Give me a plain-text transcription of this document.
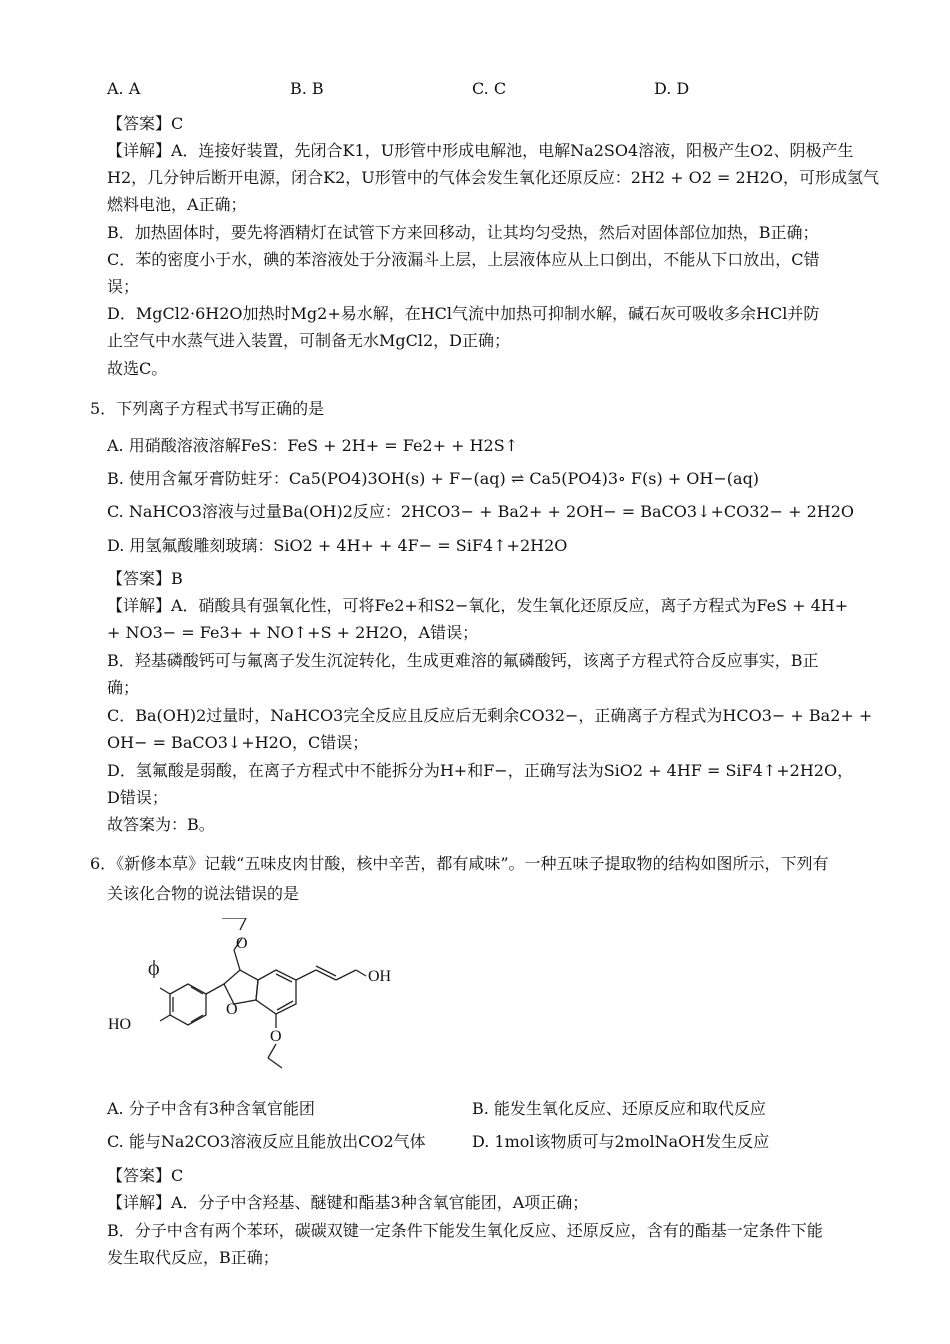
A. A	B. B	C. C	D. D
【答案】C
【详解】A．连接好装置，先闭合K1，U形管中形成电解池，电解Na2SO4溶液，阳极产生O2、阴极产生
H2，几分钟后断开电源，闭合K2，U形管中的气体会发生氧化还原反应：2H2 + O2 = 2H2O，可形成氢气
燃料电池，A正确；
B．加热固体时，要先将酒精灯在试管下方来回移动，让其均匀受热，然后对固体部位加热，B正确；
C．苯的密度小于水，碘的苯溶液处于分液漏斗上层，上层液体应从上口倒出，不能从下口放出，C错
误；
D．MgCl2·6H2O加热时Mg2+易水解，在HCl气流中加热可抑制水解，碱石灰可吸收多余HCl并防
止空气中水蒸气进入装置，可制备无水MgCl2，D正确；
故选C。
5．下列离子方程式书写正确的是
A. 用硝酸溶液溶解FeS：FeS + 2H+ = Fe2+ + H2S↑
B. 使用含氟牙膏防蛀牙：Ca5(PO4)3OH(s) + F−(aq) ⇌ Ca5(PO4)3∘ F(s) + OH−(aq)
C. NaHCO3溶液与过量Ba(OH)2反应：2HCO3− + Ba2+ + 2OH− = BaCO3↓+CO32− + 2H2O
D. 用氢氟酸雕刻玻璃：SiO2 + 4H+ + 4F− = SiF4↑+2H2O
【答案】B
【详解】A．硝酸具有强氧化性，可将Fe2+和S2−氧化，发生氧化还原反应，离子方程式为FeS + 4H+
+ NO3− = Fe3+ + NO↑+S + 2H2O，A错误；
B．羟基磷酸钙可与氟离子发生沉淀转化，生成更难溶的氟磷酸钙，该离子方程式符合反应事实，B正
确；
C．Ba(OH)2过量时，NaHCO3完全反应且反应后无剩余CO32−，正确离子方程式为HCO3− + Ba2+ +
OH− = BaCO3↓+H2O，C错误；
D．氢氟酸是弱酸，在离子方程式中不能拆分为H+和F−，正确写法为SiO2 + 4HF = SiF4↑+2H2O，
D错误；
故答案为：B。
6．《新修本草》记载“五味皮肉甘酸，核中辛苦，都有咸味”。一种五味子提取物的结构如图所示，下列有
关该化合物的说法错误的是
HO
O
O
O
O
OH
A. 分子中含有3种含氧官能团	B. 能发生氧化反应、还原反应和取代反应
C. 能与Na2CO3溶液反应且能放出CO2气体	D. 1mol该物质可与2molNaOH发生反应
【答案】C
【详解】A．分子中含羟基、醚键和酯基3种含氧官能团，A项正确；
B．分子中含有两个苯环，碳碳双键一定条件下能发生氧化反应、还原反应，含有的酯基一定条件下能
发生取代反应，B正确；
